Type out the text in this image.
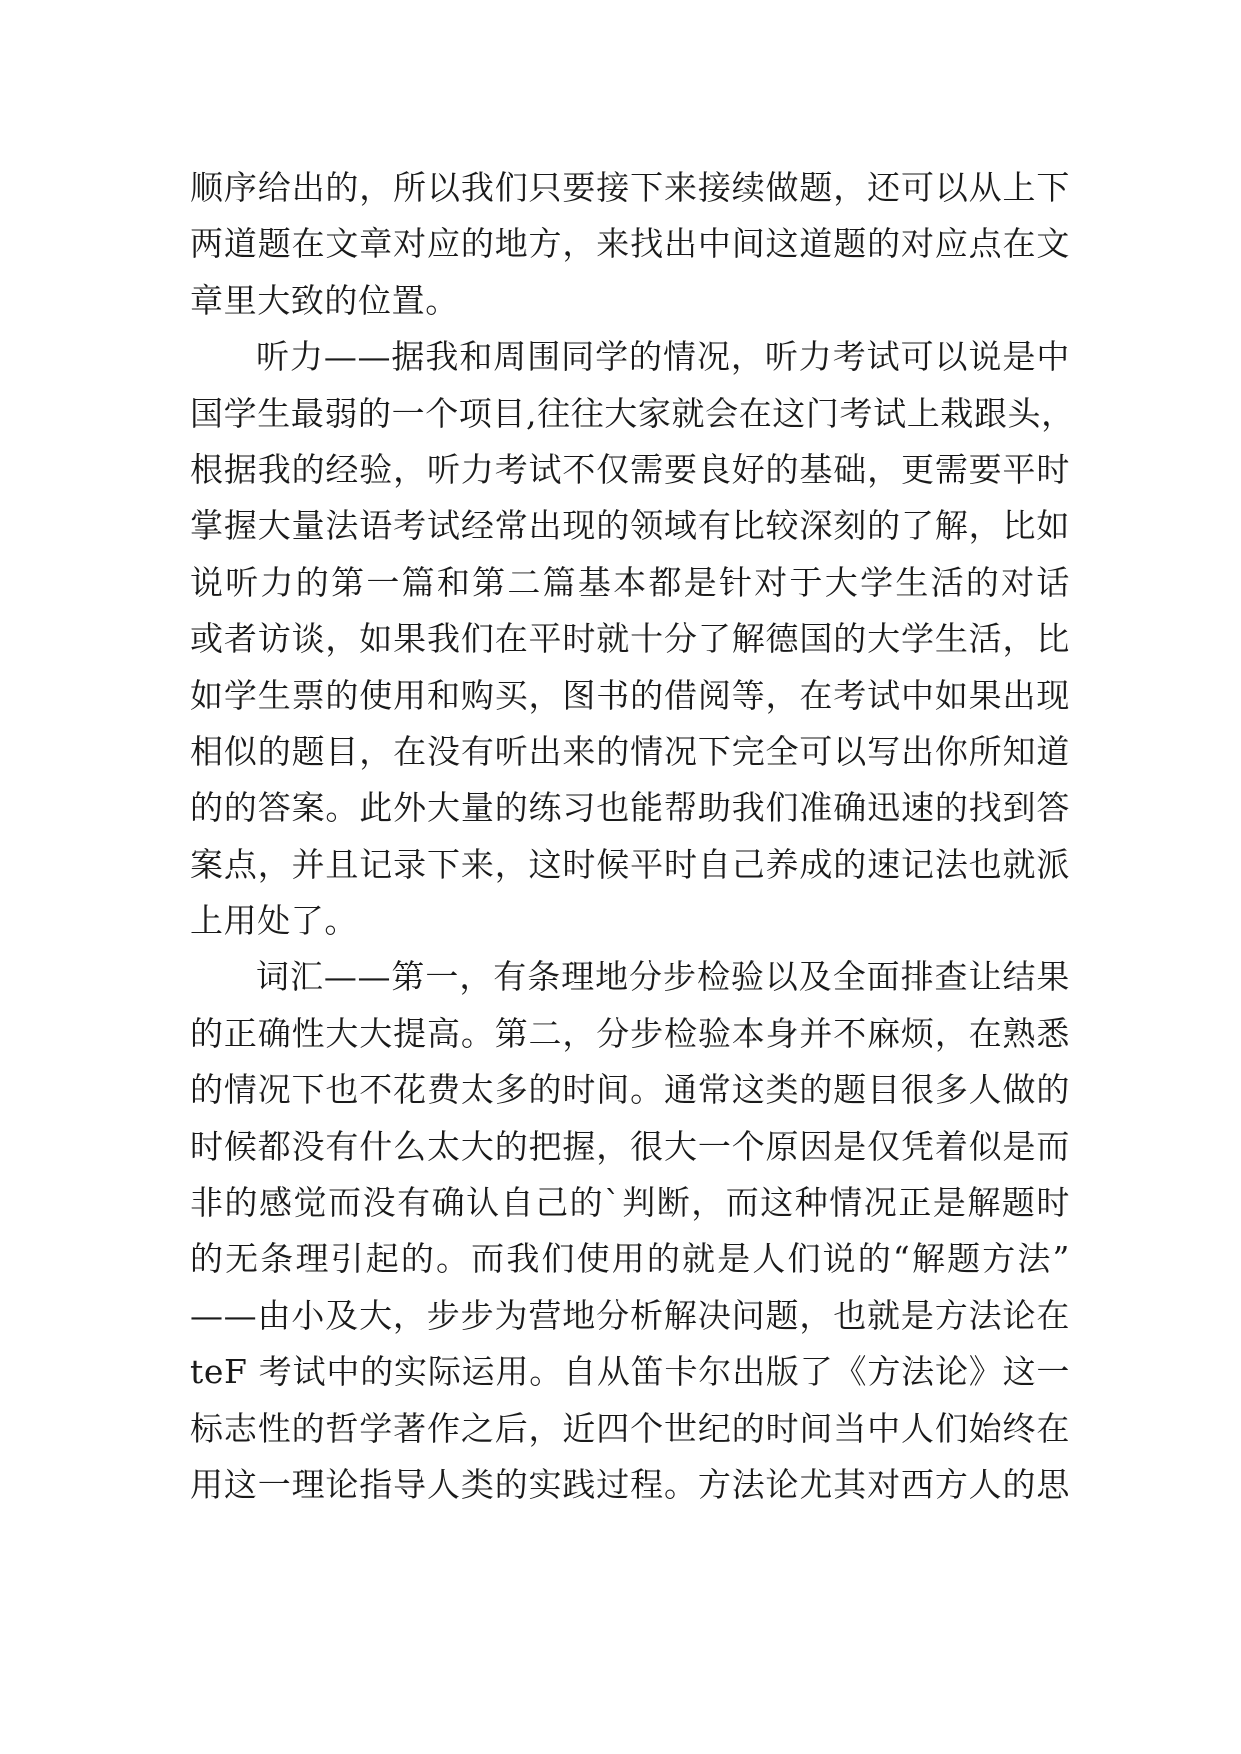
顺序给出的，所以我们只要接下来接续做题，还可以从上下
两道题在文章对应的地方，来找出中间这道题的对应点在文
章里大致的位置。
听力——据我和周围同学的情况，听力考试可以说是中
国学生最弱的一个项目,往往大家就会在这门考试上栽跟头，
根据我的经验，听力考试不仅需要良好的基础，更需要平时
掌握大量法语考试经常出现的领域有比较深刻的了解，比如
说听力的第一篇和第二篇基本都是针对于大学生活的对话
或者访谈，如果我们在平时就十分了解德国的大学生活，比
如学生票的使用和购买，图书的借阅等，在考试中如果出现
相似的题目，在没有听出来的情况下完全可以写出你所知道
的的答案。此外大量的练习也能帮助我们准确迅速的找到答
案点，并且记录下来，这时候平时自己养成的速记法也就派
上用处了。
词汇——第一，有条理地分步检验以及全面排查让结果
的正确性大大提高。第二，分步检验本身并不麻烦，在熟悉
的情况下也不花费太多的时间。通常这类的题目很多人做的
时候都没有什么太大的把握，很大一个原因是仅凭着似是而
非的感觉而没有确认自己的`判断，而这种情况正是解题时
的无条理引起的。而我们使用的就是人们说的“解题方法”
——由小及大，步步为营地分析解决问题，也就是方法论在
teF 考试中的实际运用。自从笛卡尔出版了《方法论》这一
标志性的哲学著作之后，近四个世纪的时间当中人们始终在
用这一理论指导人类的实践过程。方法论尤其对西方人的思
